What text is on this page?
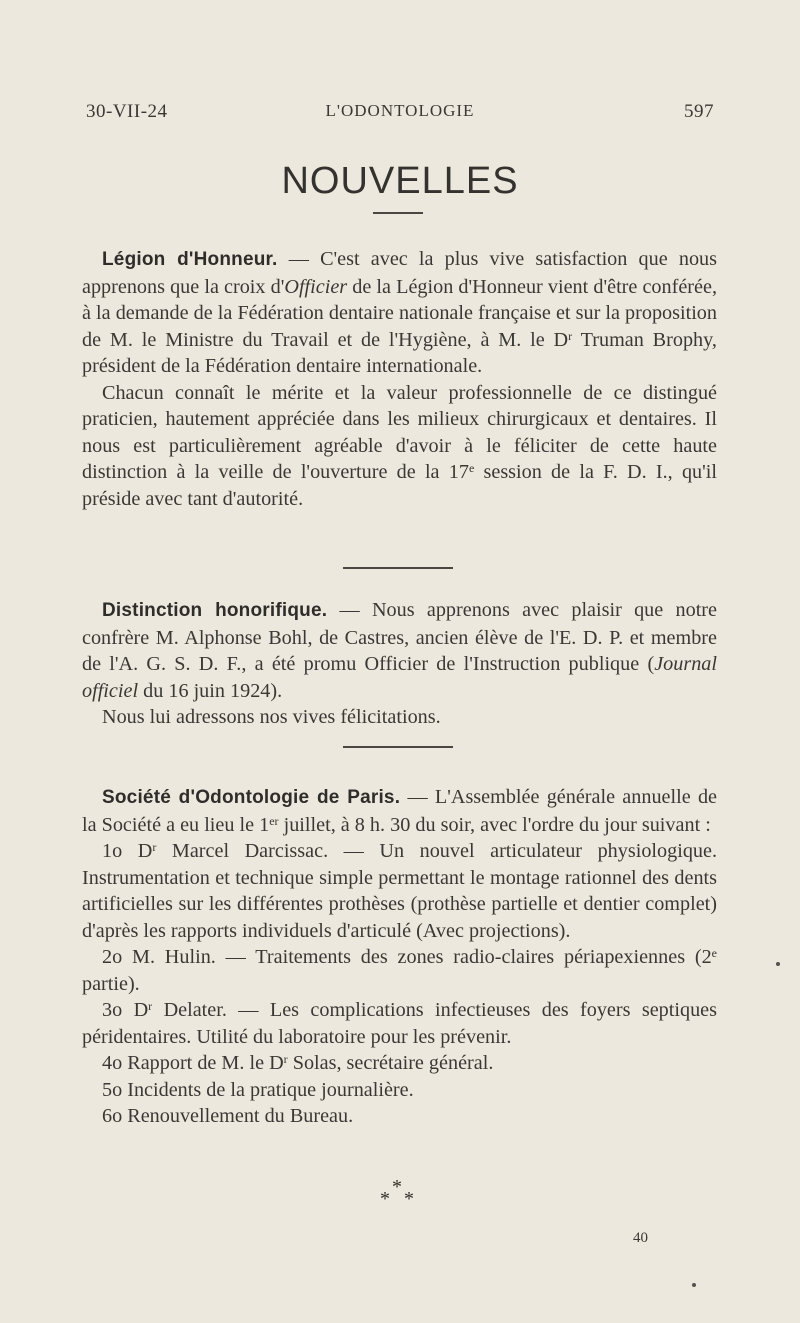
30-VII-24	L'ODONTOLOGIE	597
NOUVELLES

Légion d'Honneur. — C'est avec la plus vive satisfaction que nous apprenons que la croix d'Officier de la Légion d'Honneur vient d'être conférée, à la demande de la Fédération dentaire nationale française et sur la proposition de M. le Ministre du Travail et de l'Hygiène, à M. le $D^r$ Truman Brophy, président de la Fédération dentaire internationale.

Chacun connaît le mérite et la valeur professionnelle de ce distingué praticien, hautement appréciée dans les milieux chirurgicaux et dentaires. Il nous est particulièrement agréable d'avoir à le féliciter de cette haute distinction à la veille de l'ouverture de la 17e session de la F. D. I., qu'il préside avec tant d'autorité.

Distinction honorifique. — Nous apprenons avec plaisir que notre confrère M. Alphonse Bohl, de Castres, ancien élève de l'E. D. P. et membre de l'A. G. S. D. F., a été promu Officier de l'Instruction publique (Journal officiel du 16 juin 1924).

Nous lui adressons nos vives félicitations.

Société d'Odontologie de Paris. — L'Assemblée générale annuelle de la Société a eu lieu le 1er juillet, à 8 h. 30 du soir, avec l'ordre du jour suivant :

1o $D^r$ Marcel Darcissac. — Un nouvel articulateur physiologique. Instrumentation et technique simple permettant le montage rationnel des dents artificielles sur les différentes prothèses (prothèse partielle et dentier complet) d'après les rapports individuels d'articulé (Avec projections).

2o M. Hulin. — Traitements des zones radio-claires périapexiennes (2e partie).

3o $D^r$ Delater. — Les complications infectieuses des foyers septiques péridentaires. Utilité du laboratoire pour les prévenir.

4o Rapport de M. le $D^r$ Solas, secrétaire général.

5o Incidents de la pratique journalière.

6o Renouvellement du Bureau.

*
* *
40
